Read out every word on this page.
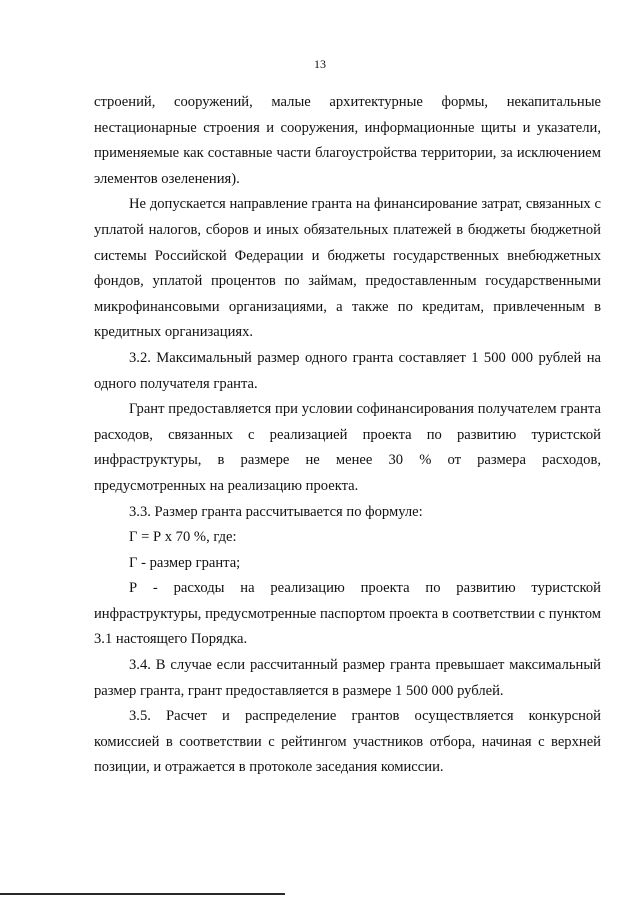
13

строений, сооружений, малые архитектурные формы, некапитальные нестационарные строения и сооружения, информационные щиты и указатели, применяемые как составные части благоустройства территории, за исключением элементов озеленения).

Не допускается направление гранта на финансирование затрат, связанных с уплатой налогов, сборов и иных обязательных платежей в бюджеты бюджетной системы Российской Федерации и бюджеты государственных внебюджетных фондов, уплатой процентов по займам, предоставленным государственными микрофинансовыми организациями, а также по кредитам, привлеченным в кредитных организациях.

3.2. Максимальный размер одного гранта составляет 1 500 000 рублей на одного получателя гранта.

Грант предоставляется при условии софинансирования получателем гранта расходов, связанных с реализацией проекта по развитию туристской инфраструктуры, в размере не менее 30 % от размера расходов, предусмотренных на реализацию проекта.

3.3. Размер гранта рассчитывается по формуле:

Г = Р х 70 %, где:

Г - размер гранта;

Р - расходы на реализацию проекта по развитию туристской инфраструктуры, предусмотренные паспортом проекта в соответствии с пунктом 3.1 настоящего Порядка.

3.4. В случае если рассчитанный размер гранта превышает максимальный размер гранта, грант предоставляется в размере 1 500 000 рублей.

3.5. Расчет и распределение грантов осуществляется конкурсной комиссией в соответствии с рейтингом участников отбора, начиная с верхней позиции, и отражается в протоколе заседания комиссии.
